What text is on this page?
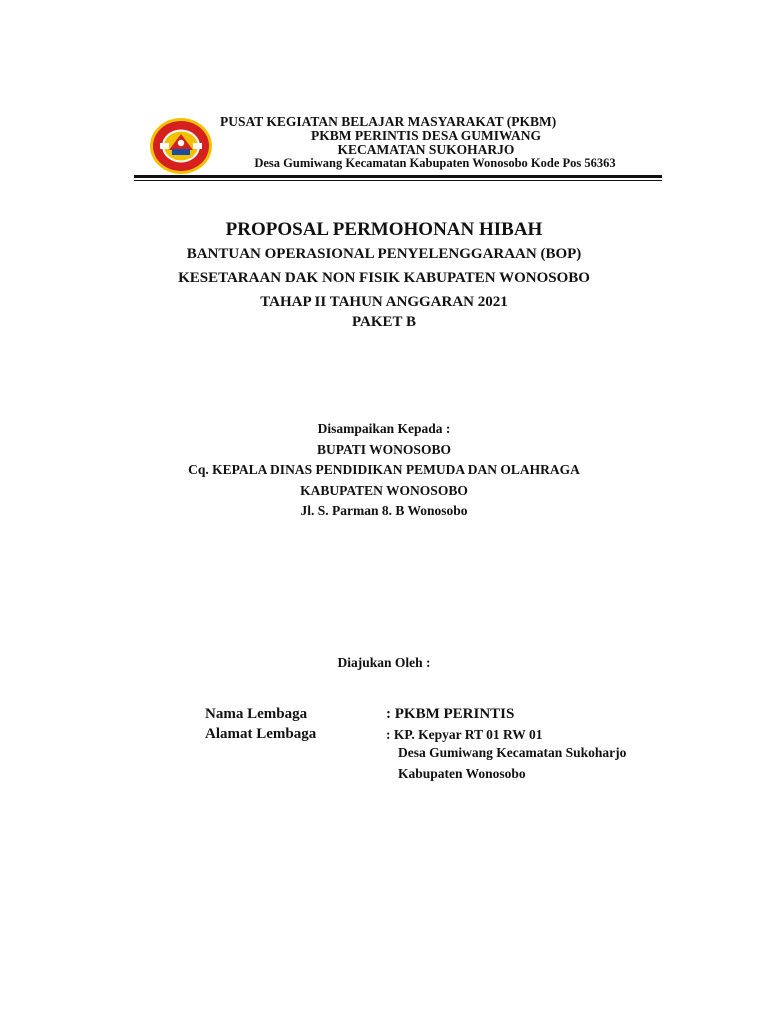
PUSAT KEGIATAN BELAJAR MASYARAKAT (PKBM)
PKBM PERINTIS DESA GUMIWANG
KECAMATAN SUKOHARJO
Desa Gumiwang Kecamatan Kabupaten Wonosobo Kode Pos 56363
PROPOSAL PERMOHONAN HIBAH
BANTUAN OPERASIONAL PENYELENGGARAAN (BOP)
KESETARAAN DAK NON FISIK KABUPATEN WONOSOBO
TAHAP II TAHUN ANGGARAN 2021
PAKET B
Disampaikan Kepada :
BUPATI WONOSOBO
Cq. KEPALA DINAS PENDIDIKAN PEMUDA DAN OLAHRAGA
KABUPATEN WONOSOBO
Jl. S. Parman 8. B Wonosobo
Diajukan Oleh :
Nama Lembaga	: PKBM PERINTIS
Alamat Lembaga	: KP. Kepyar RT 01 RW 01
Desa Gumiwang Kecamatan Sukoharjo
Kabupaten Wonosobo
